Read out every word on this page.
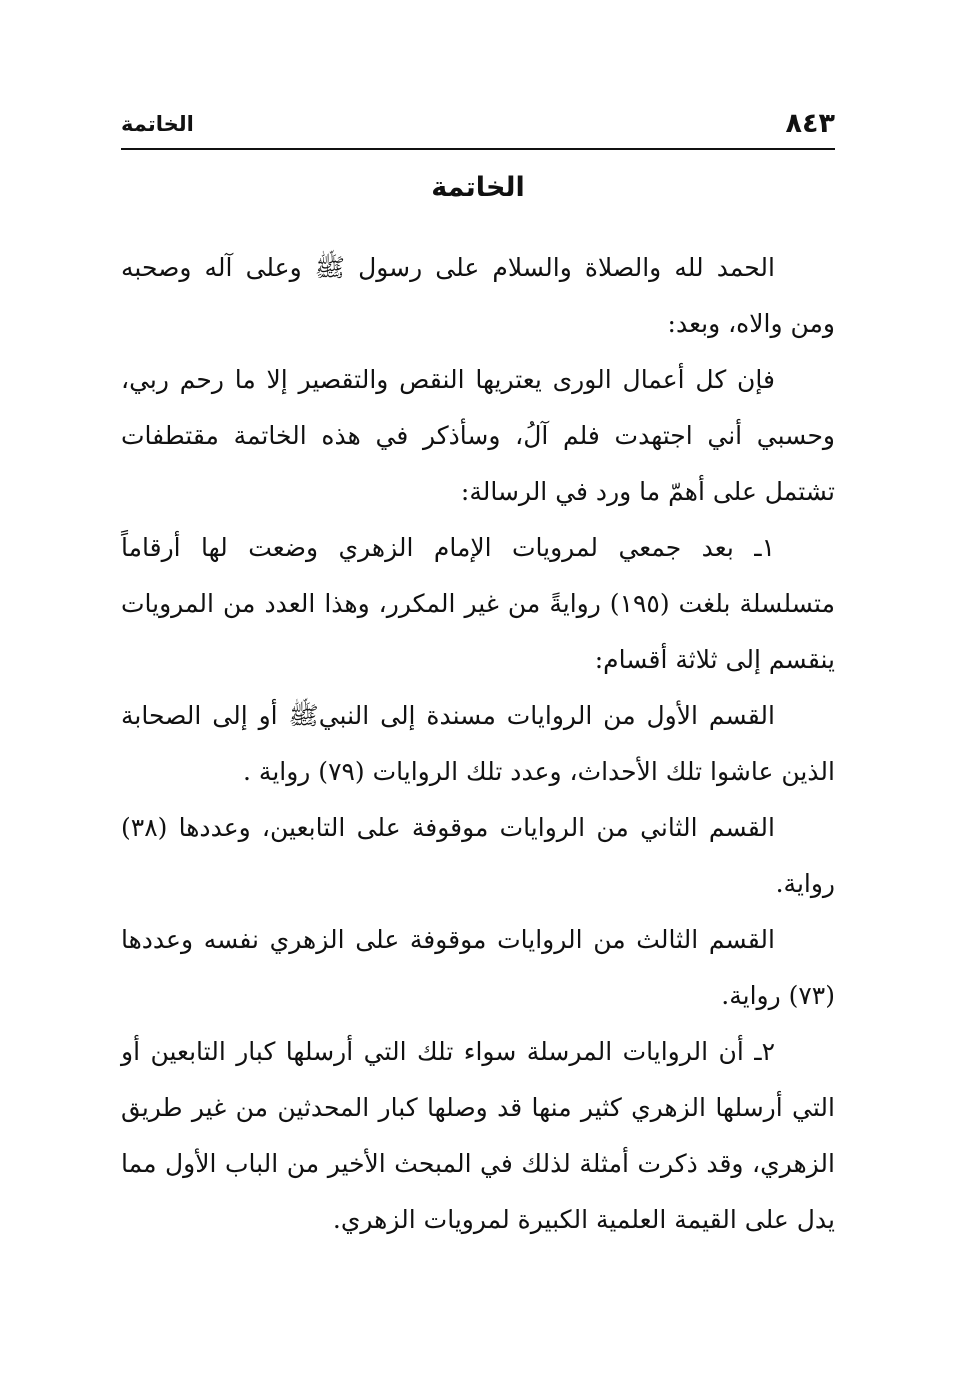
٨٤٣
الخاتمة
الخاتمة

الحمد لله والصلاة والسلام على رسول ﷺ وعلى آله وصحبه ومن والاه، وبعد:

فإن كل أعمال الورى يعتريها النقص والتقصير إلا ما رحم ربي، وحسبي أني اجتهدت فلم آلُ، وسأذكر في هذه الخاتمة مقتطفات تشتمل على أهمّ ما ورد في الرسالة:

١ـ بعد جمعي لمرويات الإمام الزهري وضعت لها أرقاماً متسلسلة بلغت (١٩٥) روايةً من غير المكرر، وهذا العدد من المرويات ينقسم إلى ثلاثة أقسام:

القسم الأول من الروايات مسندة إلى النبيﷺ أو إلى الصحابة الذين عاشوا تلك الأحداث، وعدد تلك الروايات (٧٩) رواية .

القسم الثاني من الروايات موقوفة على التابعين، وعددها (٣٨) رواية.

القسم الثالث من الروايات موقوفة على الزهري نفسه وعددها (٧٣) رواية.

٢ـ أن الروايات المرسلة سواء تلك التي أرسلها كبار التابعين أو التي أرسلها الزهري كثير منها قد وصلها كبار المحدثين من غير طريق الزهري، وقد ذكرت أمثلة لذلك في المبحث الأخير من الباب الأول مما يدل على القيمة العلمية الكبيرة لمرويات الزهري.
